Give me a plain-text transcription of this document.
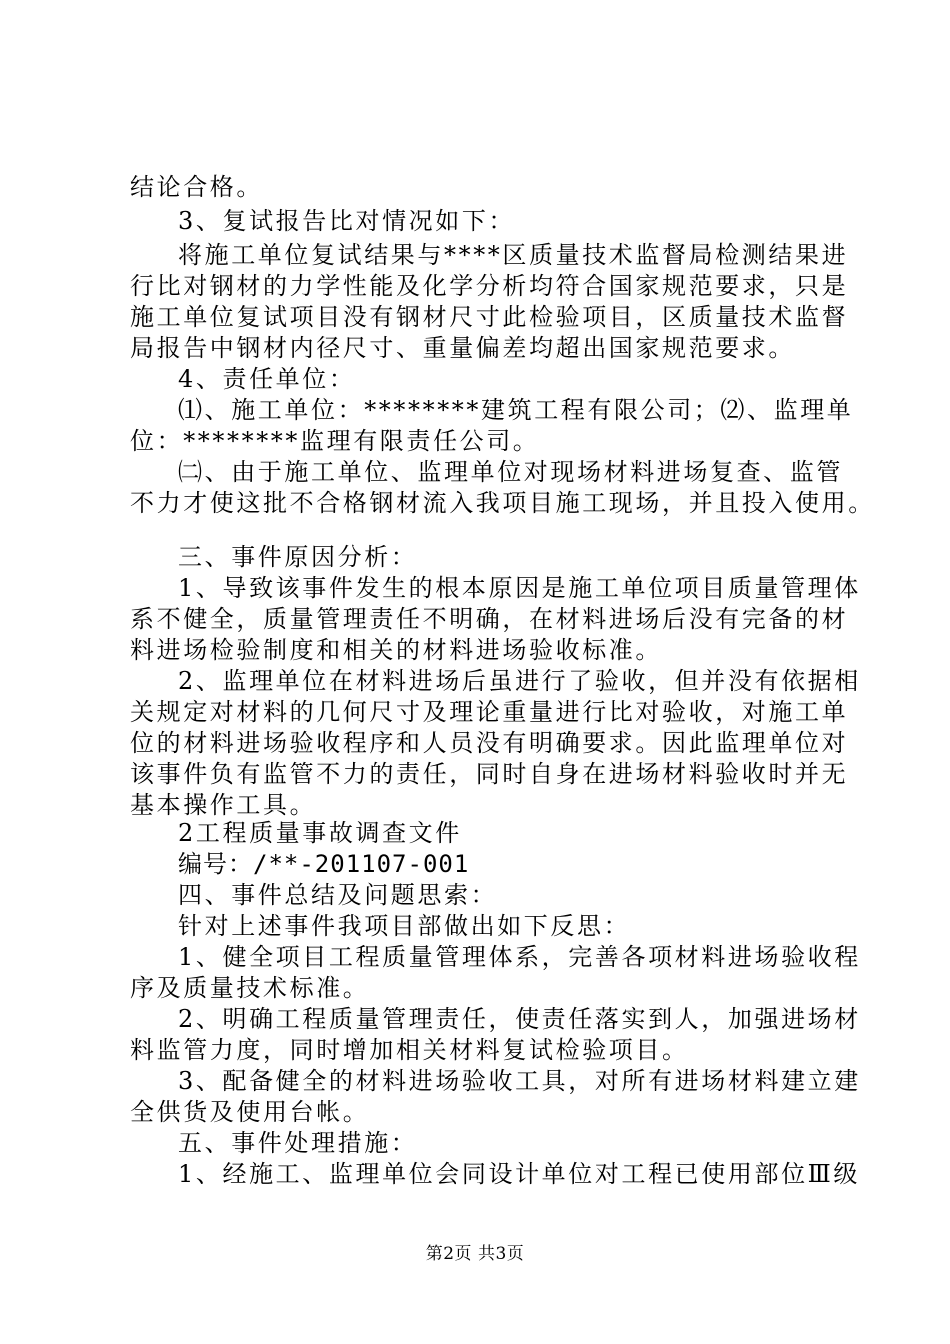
结论合格。
3、复试报告比对情况如下：
将施工单位复试结果与****区质量技术监督局检测结果进
行比对钢材的力学性能及化学分析均符合国家规范要求，只是
施工单位复试项目没有钢材尺寸此检验项目，区质量技术监督
局报告中钢材内径尺寸、重量偏差均超出国家规范要求。
4、责任单位：
⑴、施工单位：********建筑工程有限公司；⑵、监理单
位：********监理有限责任公司。
㈡、由于施工单位、监理单位对现场材料进场复查、监管
不力才使这批不合格钢材流入我项目施工现场，并且投入使用。
三、事件原因分析：
1、导致该事件发生的根本原因是施工单位项目质量管理体
系不健全，质量管理责任不明确，在材料进场后没有完备的材
料进场检验制度和相关的材料进场验收标准。
2、监理单位在材料进场后虽进行了验收，但并没有依据相
关规定对材料的几何尺寸及理论重量进行比对验收，对施工单
位的材料进场验收程序和人员没有明确要求。因此监理单位对
该事件负有监管不力的责任，同时自身在进场材料验收时并无
基本操作工具。
2工程质量事故调查文件
编号：/**-201107-001
四、事件总结及问题思索：
针对上述事件我项目部做出如下反思：
1、健全项目工程质量管理体系，完善各项材料进场验收程
序及质量技术标准。
2、明确工程质量管理责任，使责任落实到人，加强进场材
料监管力度，同时增加相关材料复试检验项目。
3、配备健全的材料进场验收工具，对所有进场材料建立建
全供货及使用台帐。
五、事件处理措施：
1、经施工、监理单位会同设计单位对工程已使用部位Ⅲ级
第2页 共3页
